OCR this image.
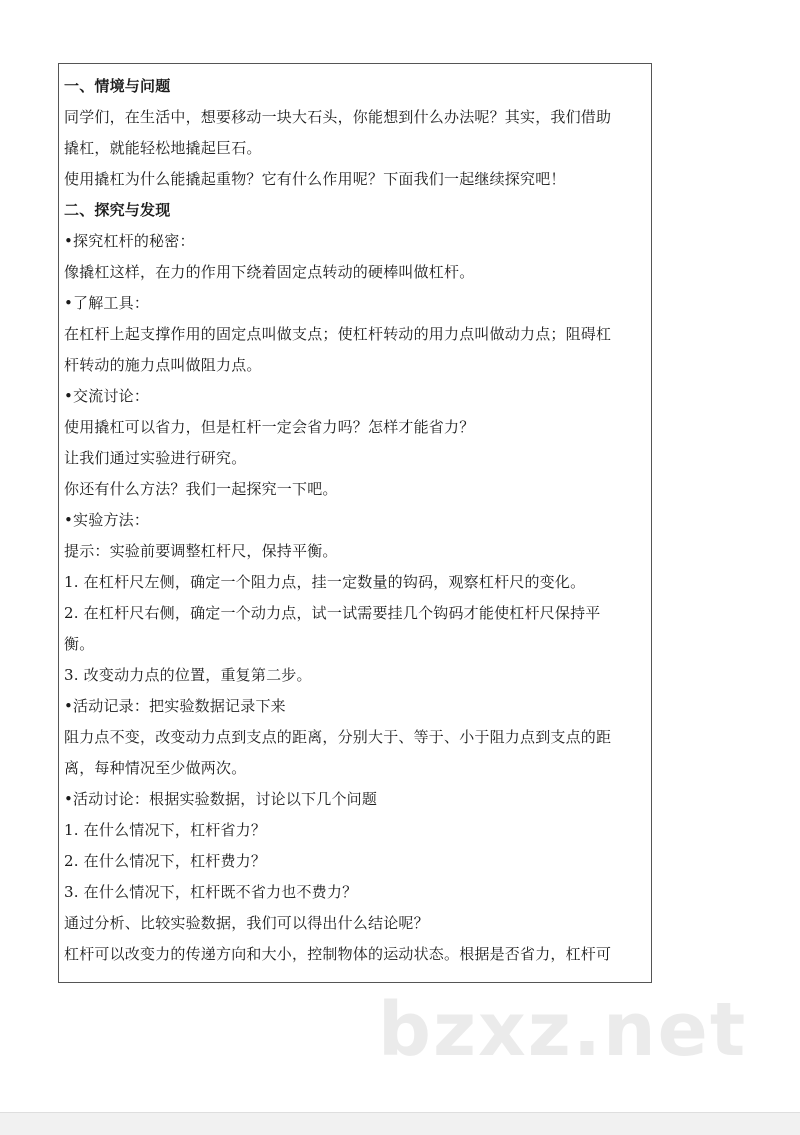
一、情境与问题
同学们，在生活中，想要移动一块大石头，你能想到什么办法呢？其实，我们借助
撬杠，就能轻松地撬起巨石。
使用撬杠为什么能撬起重物？它有什么作用呢？下面我们一起继续探究吧！
二、探究与发现
•探究杠杆的秘密：
像撬杠这样，在力的作用下绕着固定点转动的硬棒叫做杠杆。
•了解工具：
在杠杆上起支撑作用的固定点叫做支点；使杠杆转动的用力点叫做动力点；阻碍杠
杆转动的施力点叫做阻力点。
•交流讨论：
使用撬杠可以省力，但是杠杆一定会省力吗？怎样才能省力？
让我们通过实验进行研究。
你还有什么方法？我们一起探究一下吧。
•实验方法：
提示：实验前要调整杠杆尺，保持平衡。
1. 在杠杆尺左侧，确定一个阻力点，挂一定数量的钩码，观察杠杆尺的变化。
2. 在杠杆尺右侧，确定一个动力点，试一试需要挂几个钩码才能使杠杆尺保持平
衡。
3. 改变动力点的位置，重复第二步。
•活动记录：把实验数据记录下来
阻力点不变，改变动力点到支点的距离，分别大于、等于、小于阻力点到支点的距
离，每种情况至少做两次。
•活动讨论：根据实验数据，讨论以下几个问题
1. 在什么情况下，杠杆省力？
2. 在什么情况下，杠杆费力？
3. 在什么情况下，杠杆既不省力也不费力？
通过分析、比较实验数据，我们可以得出什么结论呢？
杠杆可以改变力的传递方向和大小，控制物体的运动状态。根据是否省力，杠杆可
bzxz.net
